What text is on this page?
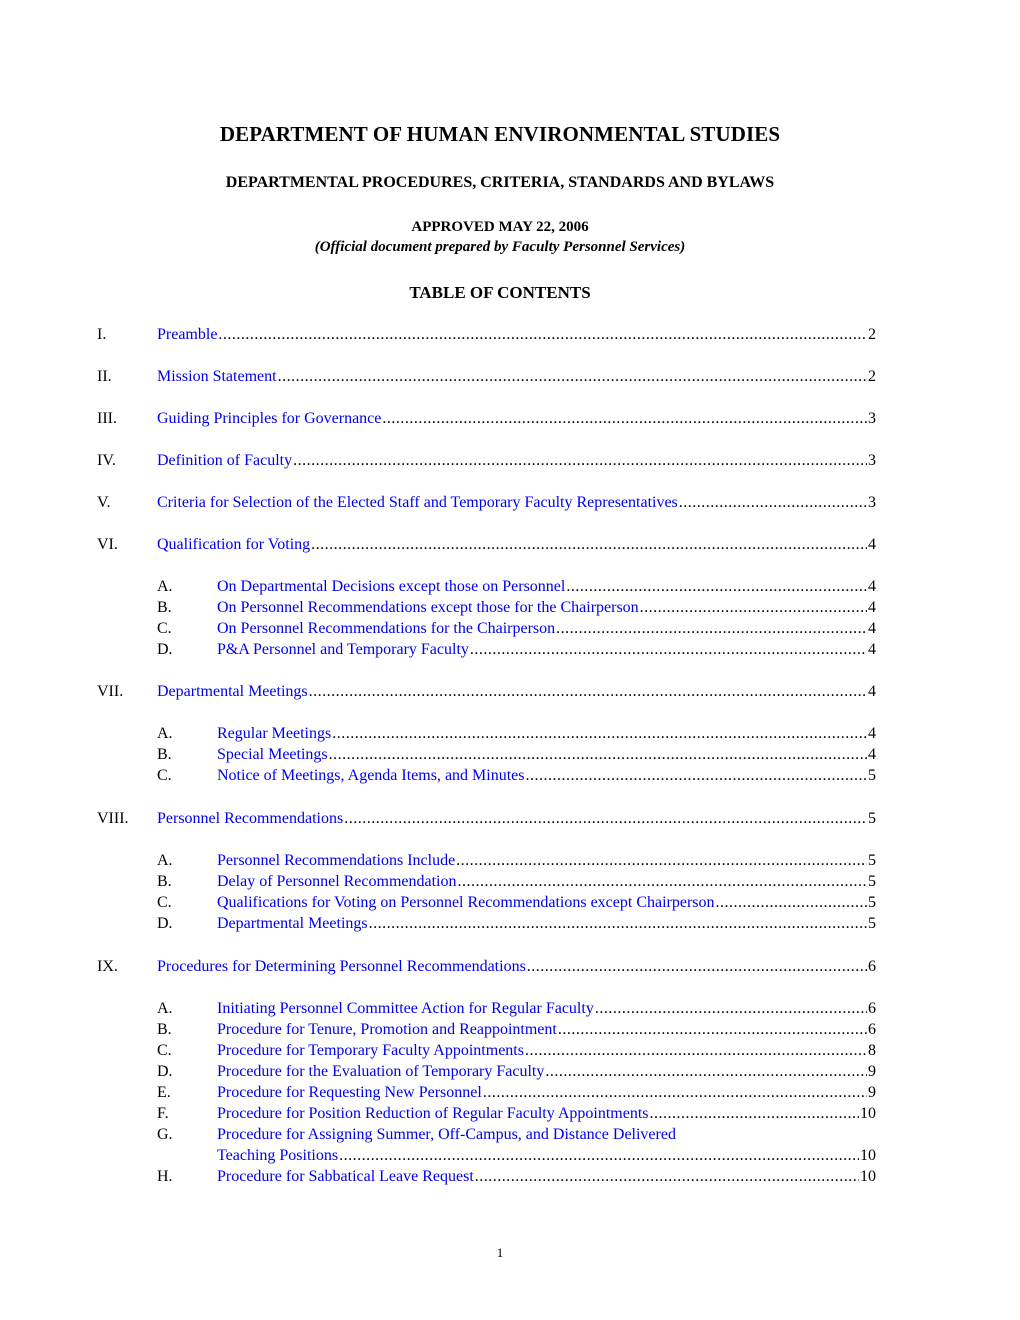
DEPARTMENT OF HUMAN ENVIRONMENTAL STUDIES
DEPARTMENTAL PROCEDURES, CRITERIA, STANDARDS AND BYLAWS
APPROVED MAY 22, 2006
(Official document prepared by Faculty Personnel Services)
TABLE OF CONTENTS
I.	Preamble .....	2
II.	Mission Statement .....	2
III.	Guiding Principles for Governance .....	3
IV.	Definition of Faculty .....	3
V.	Criteria for Selection of the Elected Staff and Temporary Faculty Representatives .....	3
VI. Qualification for Voting .....	4
A.	On Departmental Decisions except those on Personnel .....	4
B.	On Personnel Recommendations except those for the Chairperson .....	4
C.	On Personnel Recommendations for the Chairperson .....	4
D.	P&A Personnel and Temporary Faculty .....	4
VII. Departmental Meetings .....	4
A.	Regular Meetings .....	4
B.	Special Meetings .....	4
C.	Notice of Meetings, Agenda Items, and Minutes .....	5
VIII. Personnel Recommendations .....	5
A.	Personnel Recommendations Include .....	5
B.	Delay of Personnel Recommendation .....	5
C.	Qualifications for Voting on Personnel Recommendations except Chairperson .....	5
D.	Departmental Meetings .....	5
IX. Procedures for Determining Personnel Recommendations .....	6
A.	Initiating Personnel Committee Action for Regular Faculty .....	6
B.	Procedure for Tenure, Promotion and Reappointment .....	6
C.	Procedure for Temporary Faculty Appointments .....	8
D.	Procedure for the Evaluation of Temporary Faculty .....	9
E.	Procedure for Requesting New Personnel .....	9
F.	Procedure for Position Reduction of Regular Faculty Appointments .....	10
G.	Procedure for Assigning Summer, Off-Campus, and Distance Delivered
Teaching Positions .....	10
H.	Procedure for Sabbatical Leave Request .....	10
1
